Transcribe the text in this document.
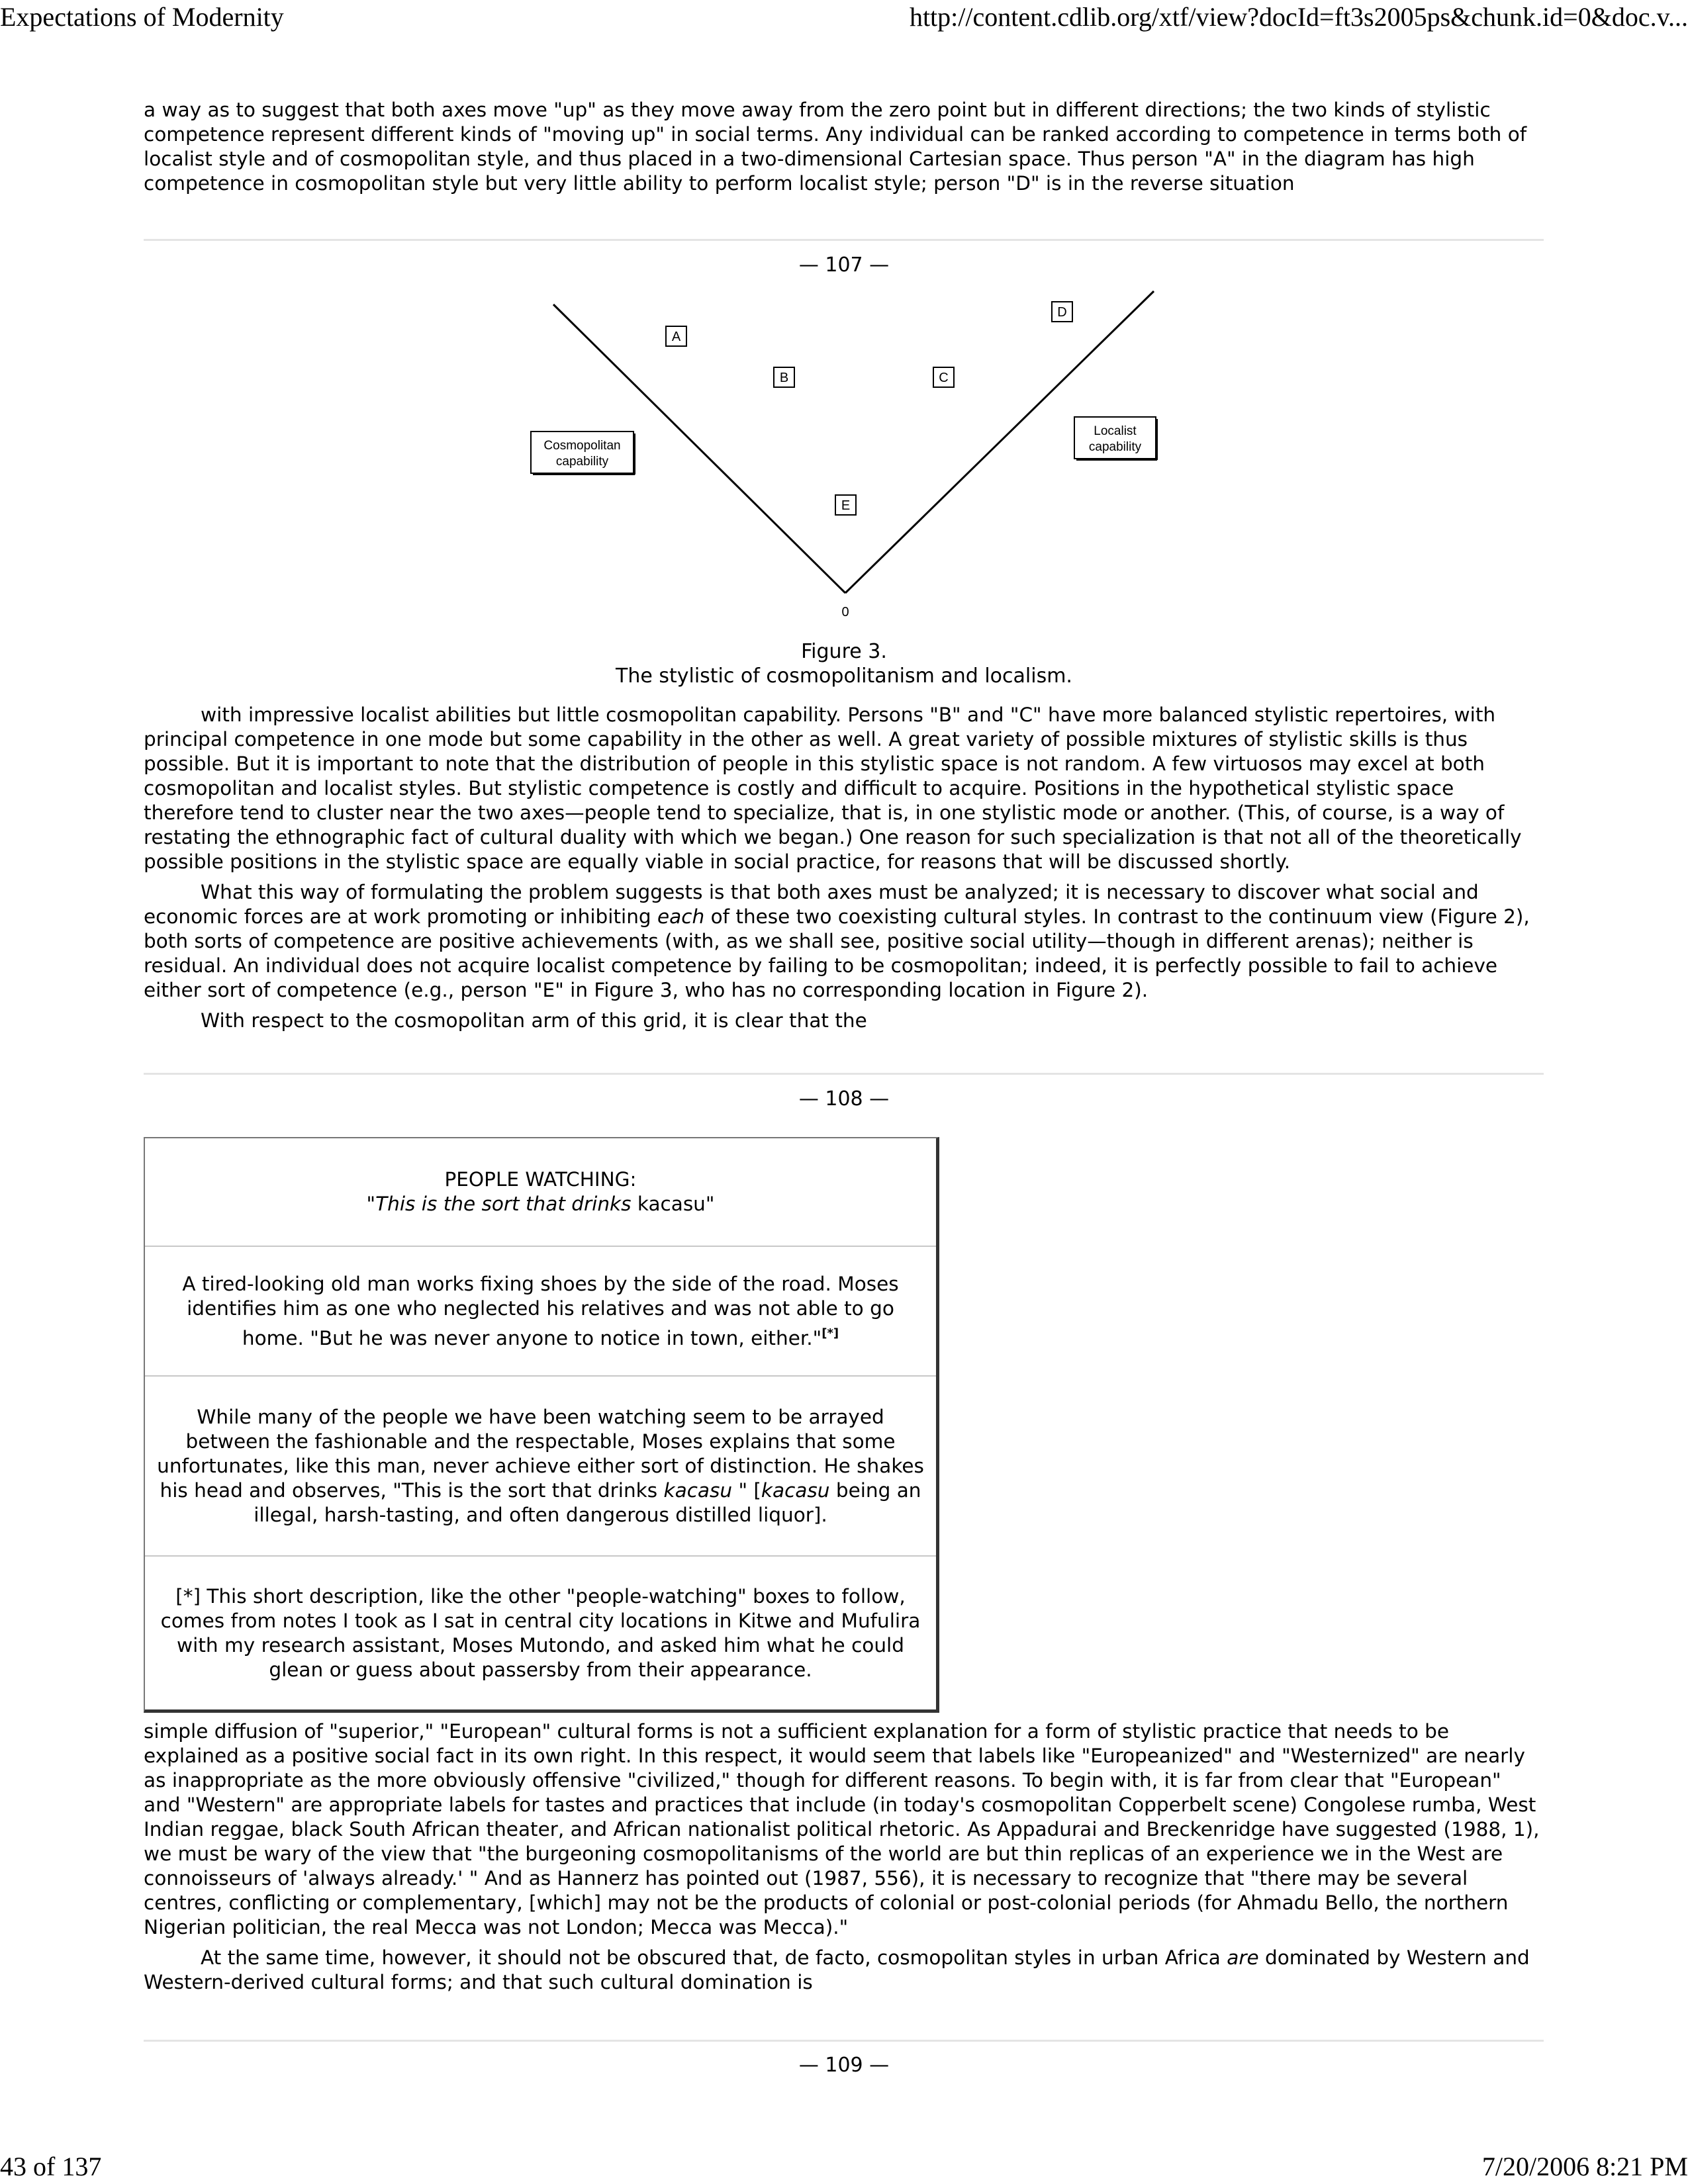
Expectations of Modernity	http://content.cdlib.org/xtf/view?docId=ft3s2005ps&chunk.id=0&doc.v...

a way as to suggest that both axes move "up" as they move away from the zero point but in different directions; the two kinds of stylistic competence represent different kinds of "moving up" in social terms. Any individual can be ranked according to competence in terms both of localist style and of cosmopolitan style, and thus placed in a two-dimensional Cartesian space. Thus person "A" in the diagram has high competence in cosmopolitan style but very little ability to perform localist style; person "D" is in the reverse situation

— 107 —
A
B	C
D
E
Cosmopolitan
capability
Localist
capability
0
Figure 3.
The stylistic of cosmopolitanism and localism.

with impressive localist abilities but little cosmopolitan capability. Persons "B" and "C" have more balanced stylistic repertoires, with principal competence in one mode but some capability in the other as well. A great variety of possible mixtures of stylistic skills is thus possible. But it is important to note that the distribution of people in this stylistic space is not random. A few virtuosos may excel at both cosmopolitan and localist styles. But stylistic competence is costly and difficult to acquire. Positions in the hypothetical stylistic space therefore tend to cluster near the two axes—people tend to specialize, that is, in one stylistic mode or another. (This, of course, is a way of restating the ethnographic fact of cultural duality with which we began.) One reason for such specialization is that not all of the theoretically possible positions in the stylistic space are equally viable in social practice, for reasons that will be discussed shortly.

What this way of formulating the problem suggests is that both axes must be analyzed; it is necessary to discover what social and economic forces are at work promoting or inhibiting each of these two coexisting cultural styles. In contrast to the continuum view (Figure 2), both sorts of competence are positive achievements (with, as we shall see, positive social utility—though in different arenas); neither is residual. An individual does not acquire localist competence by failing to be cosmopolitan; indeed, it is perfectly possible to fail to achieve either sort of competence (e.g., person "E" in Figure 3, who has no corresponding location in Figure 2).

With respect to the cosmopolitan arm of this grid, it is clear that the

— 108 —
PEOPLE WATCHING:
"This is the sort that drinks kacasu"
A tired-looking old man works fixing shoes by the side of the road. Moses identifies him as one who neglected his relatives and was not able to go home. "But he was never anyone to notice in town, either."[*]
While many of the people we have been watching seem to be arrayed between the fashionable and the respectable, Moses explains that some unfortunates, like this man, never achieve either sort of distinction. He shakes his head and observes, "This is the sort that drinks kacasu " [kacasu being an illegal, harsh-tasting, and often dangerous distilled liquor].
[*] This short description, like the other "people-watching" boxes to follow, comes from notes I took as I sat in central city locations in Kitwe and Mufulira with my research assistant, Moses Mutondo, and asked him what he could glean or guess about passersby from their appearance.

simple diffusion of "superior," "European" cultural forms is not a sufficient explanation for a form of stylistic practice that needs to be explained as a positive social fact in its own right. In this respect, it would seem that labels like "Europeanized" and "Westernized" are nearly as inappropriate as the more obviously offensive "civilized," though for different reasons. To begin with, it is far from clear that "European" and "Western" are appropriate labels for tastes and practices that include (in today's cosmopolitan Copperbelt scene) Congolese rumba, West Indian reggae, black South African theater, and African nationalist political rhetoric. As Appadurai and Breckenridge have suggested (1988, 1), we must be wary of the view that "the burgeoning cosmopolitanisms of the world are but thin replicas of an experience we in the West are connoisseurs of 'always already.' " And as Hannerz has pointed out (1987, 556), it is necessary to recognize that "there may be several centres, conflicting or complementary, [which] may not be the products of colonial or post-colonial periods (for Ahmadu Bello, the northern Nigerian politician, the real Mecca was not London; Mecca was Mecca)."

At the same time, however, it should not be obscured that, de facto, cosmopolitan styles in urban Africa are dominated by Western and Western-derived cultural forms; and that such cultural domination is

— 109 —
43 of 137	7/20/2006 8:21 PM
